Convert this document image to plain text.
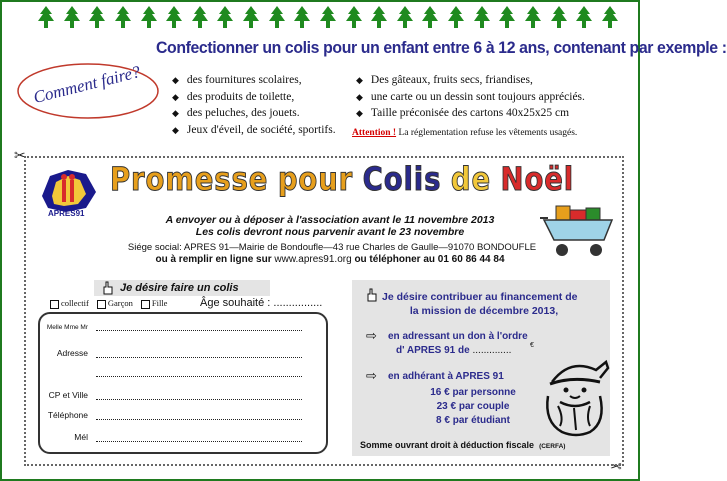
Confectionner un colis pour un enfant entre 6 à 12 ans, contenant par exemple :
Comment faire?	◆ des fournitures scolaires,
◆ des produits de toilette,
◆ des peluches, des jouets.
◆ Jeux d'éveil, de société, sportifs.
◆ Des gâteaux, fruits secs, friandises,
◆ une carte ou un dessin sont toujours appréciés.
◆ Taille préconisée des cartons 40x25x25 cm
Attention ! La réglementation refuse les vêtements usagés.
✂
✂
APRES91
Promesse pour Colis de Noël
A envoyer ou à déposer à l'association avant le 11 novembre 2013
Les colis devront nous parvenir avant le 23 novembre
Siége social: APRES 91—Mairie de Bondoufle—43 rue Charles de Gaulle—91070 BONDOUFLE
ou à remplir en ligne sur www.apres91.org ou téléphoner au 01 60 86 44 84
Je désire faire un colis
collectif	Garçon	Fille	Âge souhaité : ................
Melle Mme Mr
Adresse
CP et Ville
Téléphone
Mél
Je désire contribuer au financement de
la mission de décembre 2013,
⇨ en adressant un don à l'ordre
d' APRES 91 de ..............	€
⇨ en adhérant à APRES 91
16 € par personne
23 € par couple
8 € par étudiant
Somme ouvrant droit à déduction fiscale (CERFA)
